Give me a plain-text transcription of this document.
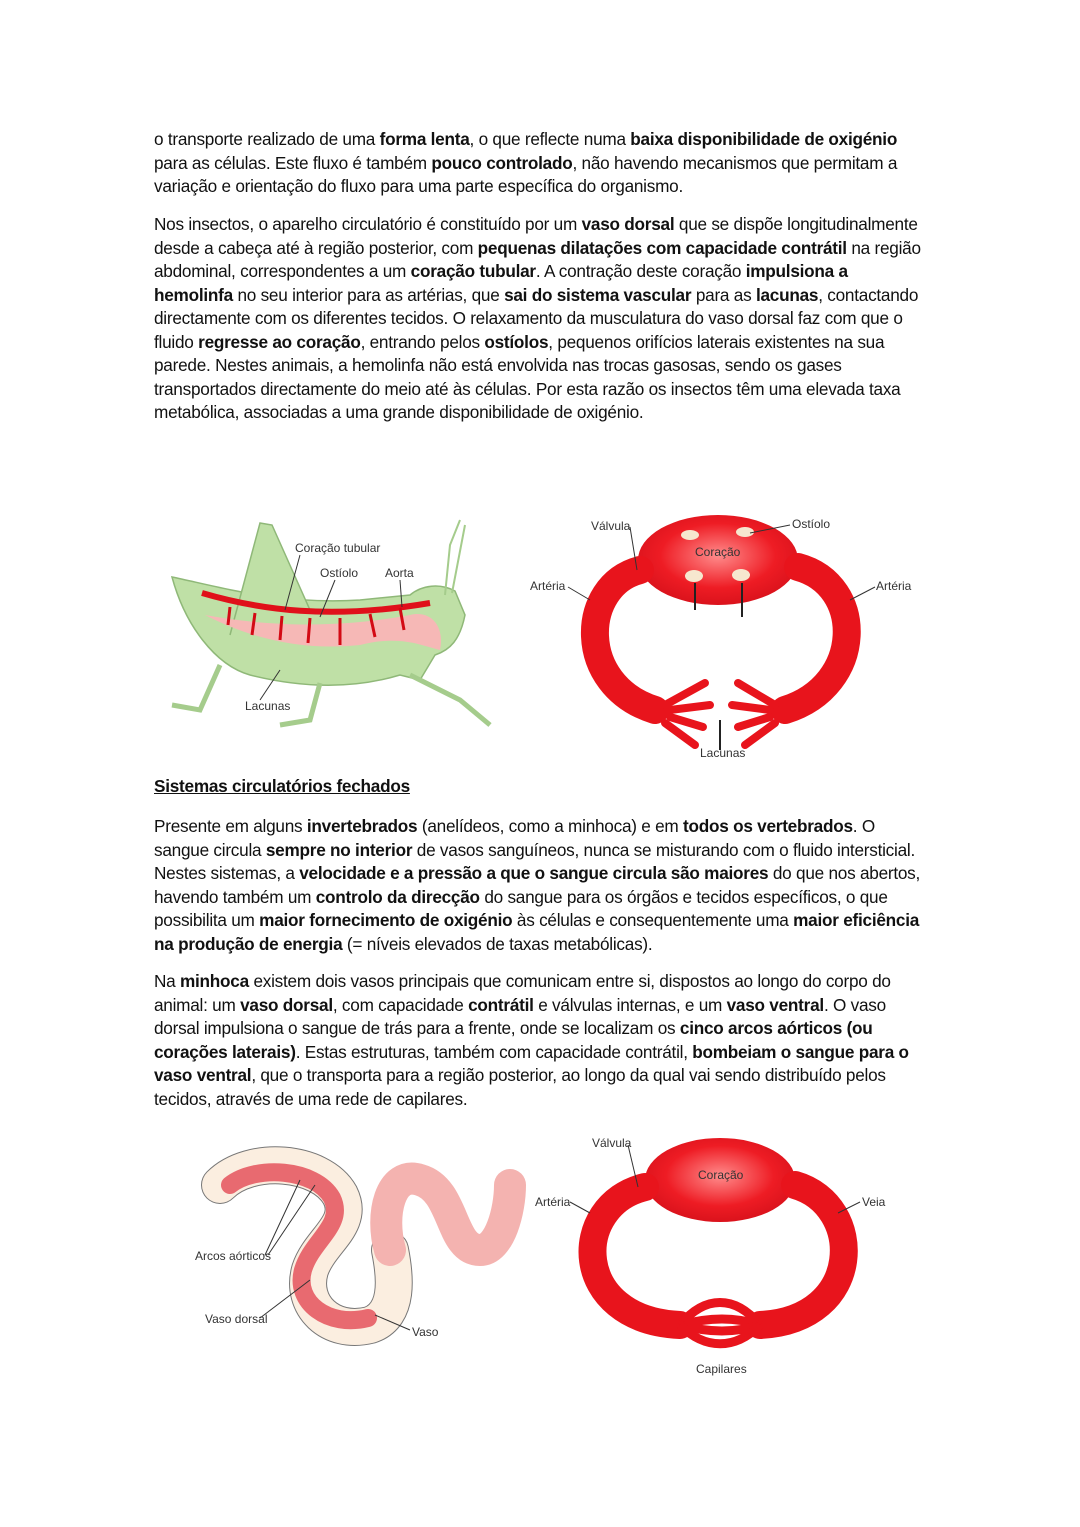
o transporte realizado de uma forma lenta, o que reflecte numa baixa disponibilidade de oxigénio para as células. Este fluxo é também pouco controlado, não havendo mecanismos que permitam a variação e orientação do fluxo para uma parte específica do organismo.
Nos insectos, o aparelho circulatório é constituído por um vaso dorsal que se dispõe longitudinalmente desde a cabeça até à região posterior, com pequenas dilatações com capacidade contrátil na região abdominal, correspondentes a um coração tubular. A contração deste coração impulsiona a hemolinfa no seu interior para as artérias, que sai do sistema vascular para as lacunas, contactando directamente com os diferentes tecidos. O relaxamento da musculatura do vaso dorsal faz com que o fluido regresse ao coração, entrando pelos ostíolos, pequenos orifícios laterais existentes na sua parede. Nestes animais, a hemolinfa não está envolvida nas trocas gasosas, sendo os gases transportados directamente do meio até às células. Por esta razão os insectos têm uma elevada taxa metabólica, associadas a uma grande disponibilidade de oxigénio.
Coração tubular
Ostíolo Aorta
Lacunas
Válvula	Ostíolo
Coração
Artéria	Artéria
Lacunas
Sistemas circulatórios fechados
Presente em alguns invertebrados (anelídeos, como a minhoca) e em todos os vertebrados. O sangue circula sempre no interior de vasos sanguíneos, nunca se misturando com o fluido intersticial. Nestes sistemas, a velocidade e a pressão a que o sangue circula são maiores do que nos abertos, havendo também um controlo da direcção do sangue para os órgãos e tecidos específicos, o que possibilita um maior fornecimento de oxigénio às células e consequentemente uma maior eficiência na produção de energia (= níveis elevados de taxas metabólicas).
Na minhoca existem dois vasos principais que comunicam entre si, dispostos ao longo do corpo do animal: um vaso dorsal, com capacidade contrátil e válvulas internas, e um vaso ventral. O vaso dorsal impulsiona o sangue de trás para a frente, onde se localizam os cinco arcos aórticos (ou corações laterais). Estas estruturas, também com capacidade contrátil, bombeiam o sangue para o vaso ventral, que o transporta para a região posterior, ao longo da qual vai sendo distribuído pelos tecidos, através de uma rede de capilares.
Arcos aórticos
Vaso dorsal
Vaso
Válvula
Coração
Artéria	Veia
Capilares
